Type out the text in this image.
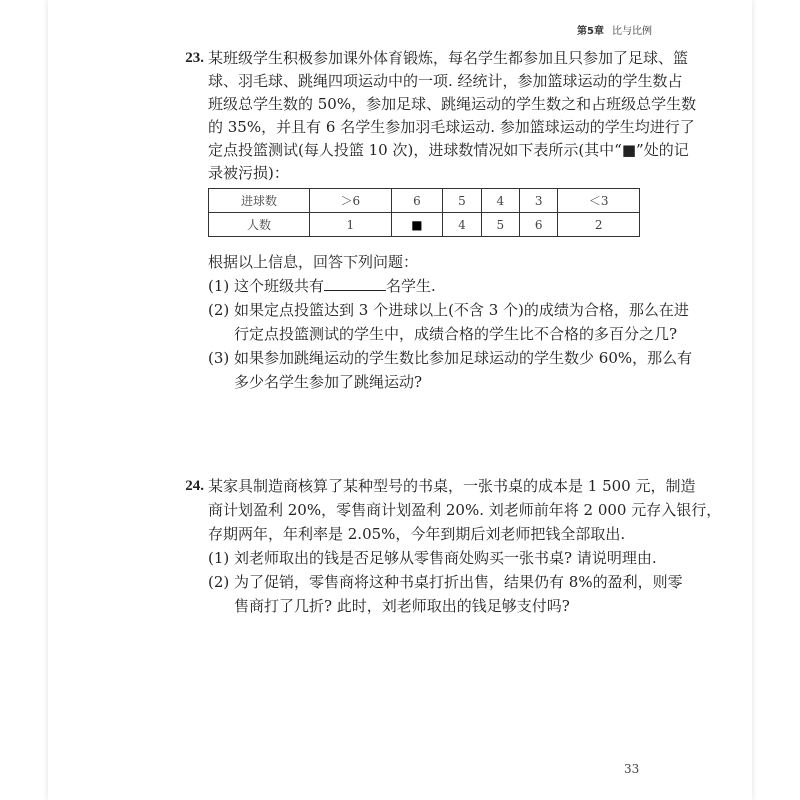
第5章 比与比例
23. 某班级学生积极参加课外体育锻炼，每名学生都参加且只参加了足球、篮
球、羽毛球、跳绳四项运动中的一项. 经统计，参加篮球运动的学生数占
班级总学生数的 50%，参加足球、跳绳运动的学生数之和占班级总学生数
的 35%，并且有 6 名学生参加羽毛球运动. 参加篮球运动的学生均进行了
定点投篮测试(每人投篮 10 次)，进球数情况如下表所示(其中“■”处的记
录被污损)：
进球数	＞6	6	5	4	3	＜3
人数	1	■	4	5	6	2
根据以上信息，回答下列问题：
(1) 这个班级共有	名学生.
(2) 如果定点投篮达到 3 个进球以上(不含 3 个)的成绩为合格，那么在进
行定点投篮测试的学生中，成绩合格的学生比不合格的多百分之几?
(3) 如果参加跳绳运动的学生数比参加足球运动的学生数少 60%，那么有
多少名学生参加了跳绳运动?
24. 某家具制造商核算了某种型号的书桌，一张书桌的成本是 1 500 元，制造
商计划盈利 20%，零售商计划盈利 20%. 刘老师前年将 2 000 元存入银行，
存期两年，年利率是 2.05%，今年到期后刘老师把钱全部取出.
(1) 刘老师取出的钱是否足够从零售商处购买一张书桌? 请说明理由.
(2) 为了促销，零售商将这种书桌打折出售，结果仍有 8%的盈利，则零
售商打了几折? 此时，刘老师取出的钱足够支付吗?
33
